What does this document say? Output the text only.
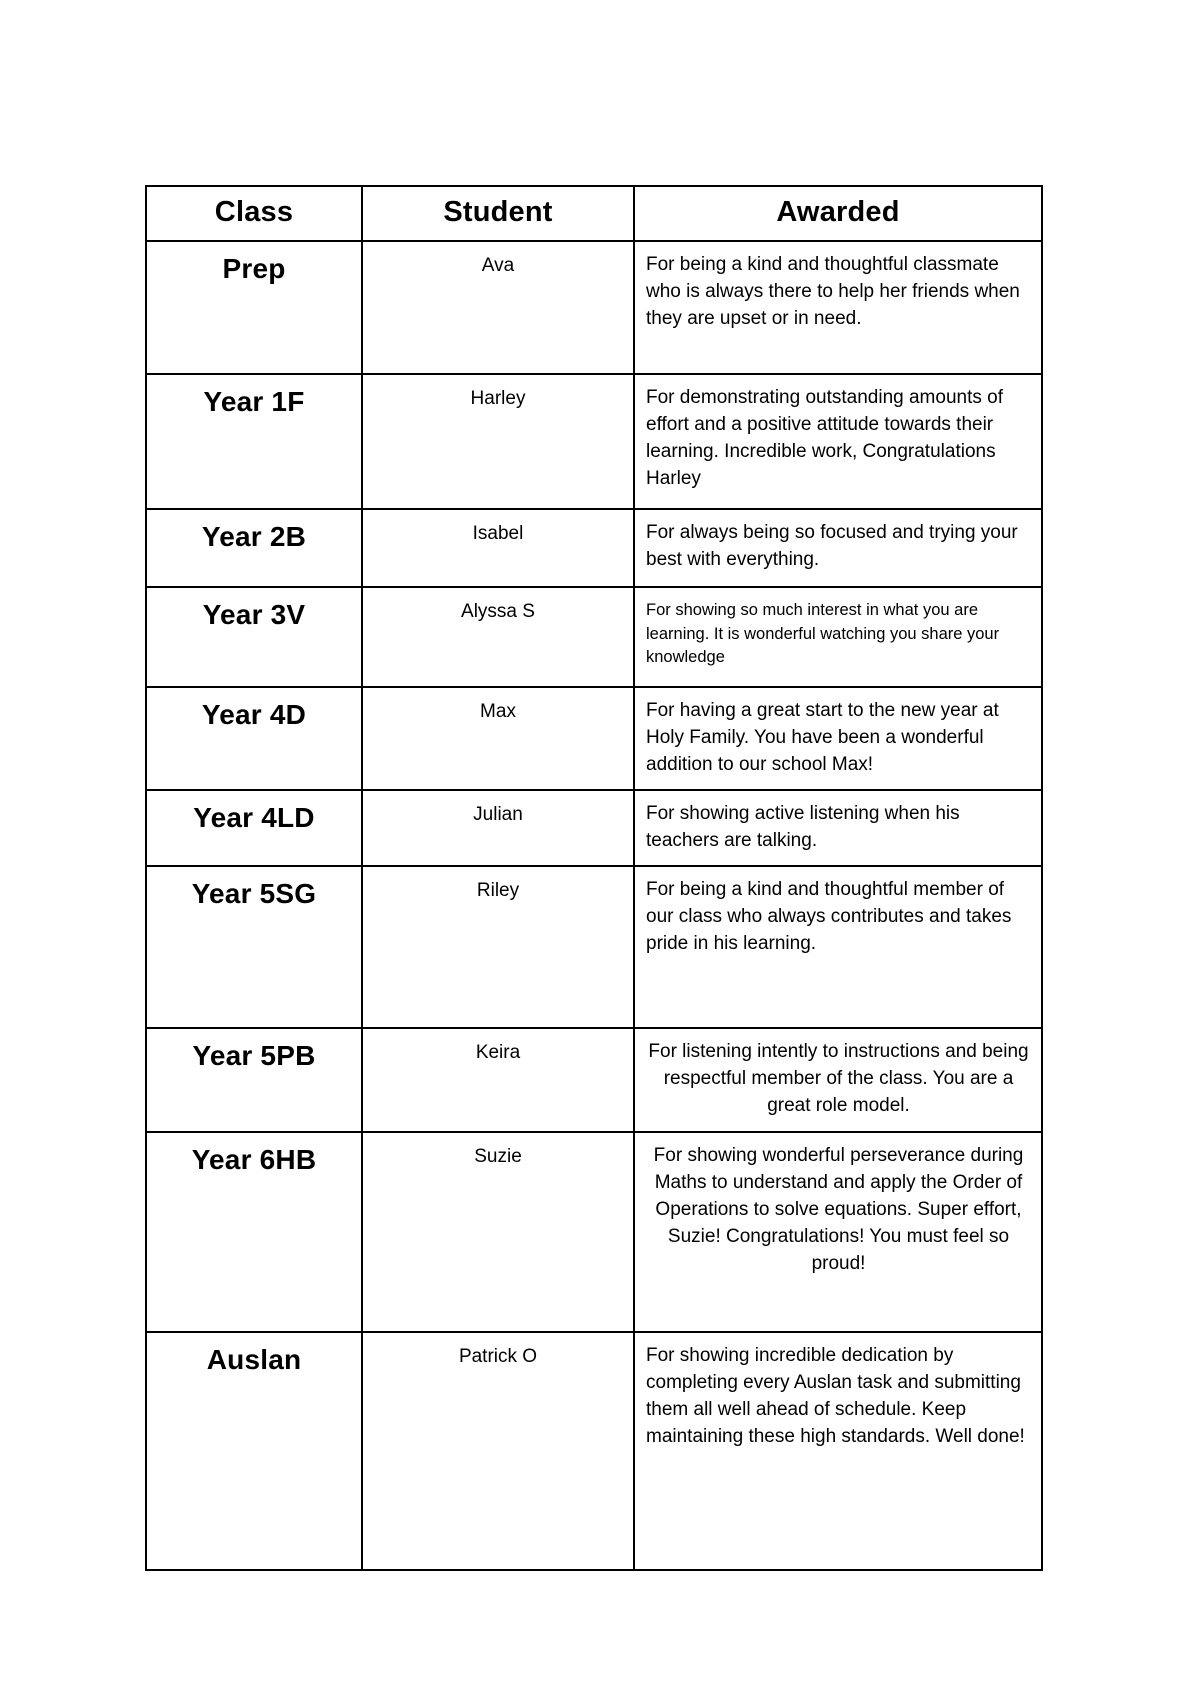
Class	Student	Awarded
Prep	Ava	For being a kind and thoughtful classmate who is always there to help her friends when they are upset or in need.
Year 1F	Harley	For demonstrating outstanding amounts of effort and a positive attitude towards their learning. Incredible work, Congratulations Harley
Year 2B	Isabel	For always being so focused and trying your best with everything.
Year 3V	Alyssa S	For showing so much interest in what you are learning. It is wonderful watching you share your knowledge
Year 4D	Max	For having a great start to the new year at Holy Family. You have been a wonderful addition to our school Max!
Year 4LD	Julian	For showing active listening when his teachers are talking.
Year 5SG	Riley	For being a kind and thoughtful member of our class who always contributes and takes pride in his learning.
Year 5PB	Keira	For listening intently to instructions and being respectful member of the class. You are a great role model.
Year 6HB	Suzie	For showing wonderful perseverance during Maths to understand and apply the Order of Operations to solve equations. Super effort, Suzie! Congratulations! You must feel so proud!
Auslan	Patrick O	For showing incredible dedication by completing every Auslan task and submitting them all well ahead of schedule. Keep maintaining these high standards. Well done!
